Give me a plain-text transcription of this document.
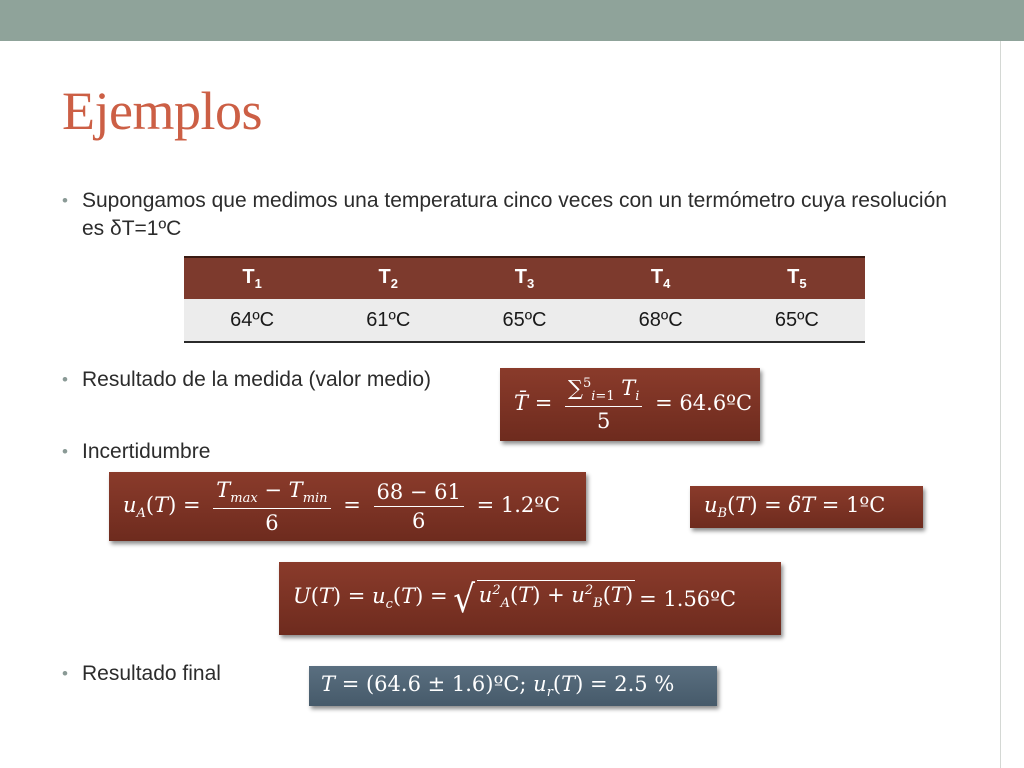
Ejemplos
•
Supongamos que medimos una temperatura cinco veces con un termómetro cuya resolución es δT=1ºC
$T_1$	$T_2$	$T_3$	$T_4$	$T_5$
64ºC	61ºC	65ºC	68ºC	65ºC
•
Resultado de la medida (valor medio)
T̄ = $\frac{\sum^5_{i=1} T_i}{5}$ = 64.6ºC
•
Incertidumbre
$u_A(T) = \frac{T_{max} - T_{min}}{6} = \frac{68 - 61}{6}$ = 1.2ºC	$u_B(T) = \delta T$ = 1ºC
$U(T) = u_c(T)$ = √ $u^2_A(T) + u^2_B(T)$ = 1.56ºC
•
Resultado final	T = (64.6 ± 1.6)ºC; $u_r(T) = 2.5$ %
